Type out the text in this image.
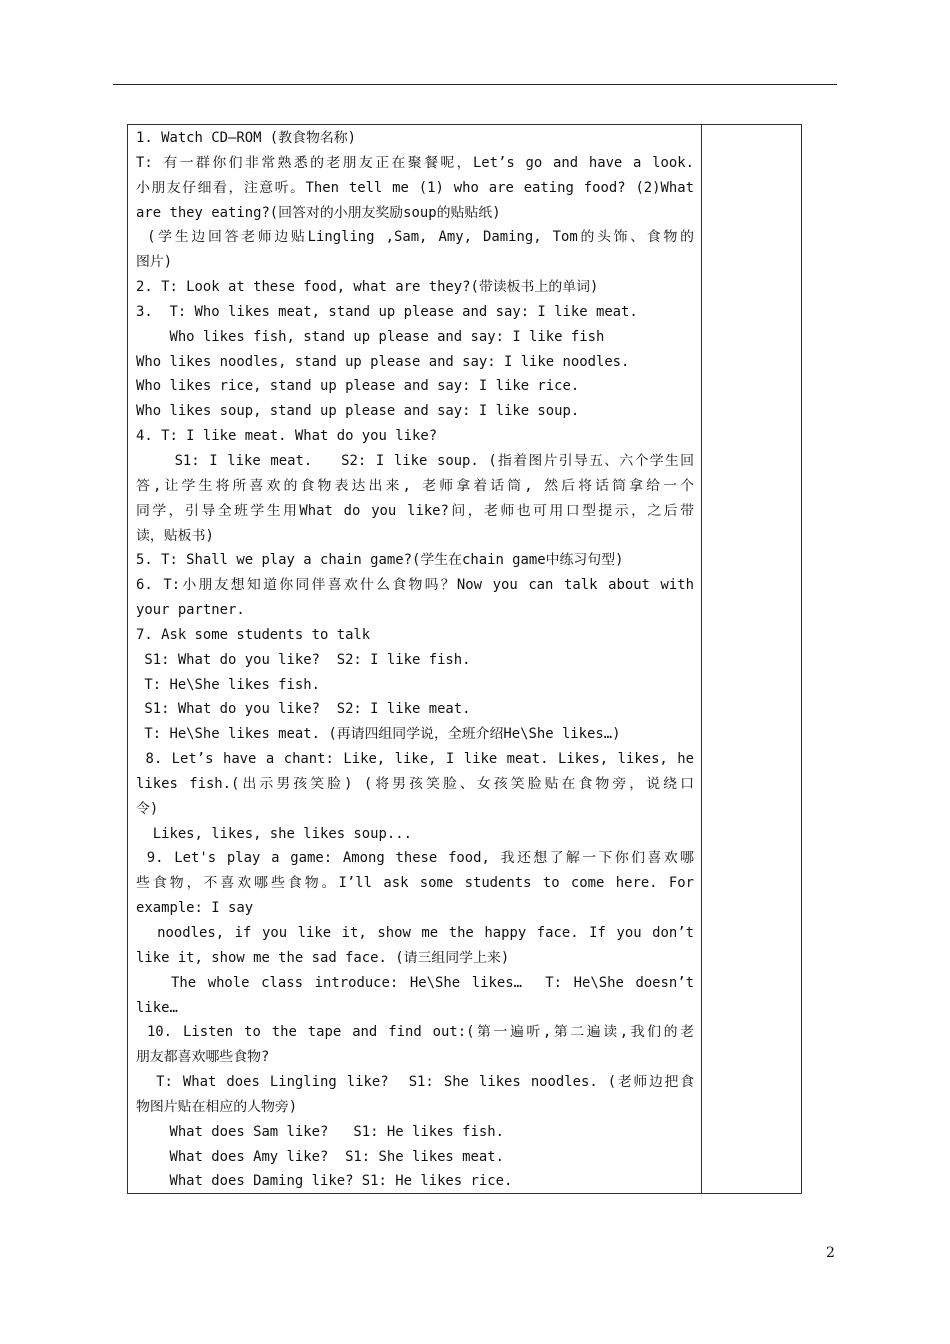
1. Watch CD—ROM (教食物名称)
T: 有一群你们非常熟悉的老朋友正在聚餐呢，Let’s go and have a look.
小朋友仔细看，注意听。Then tell me (1) who are eating food? (2)What
are they eating?(回答对的小朋友奖励soup的贴贴纸)
(学生边回答老师边贴Lingling ,Sam, Amy, Daming, Tom的头饰、食物的
图片)
2. T: Look at these food, what are they?(带读板书上的单词)
3.  T: Who likes meat, stand up please and say: I like meat.
Who likes fish, stand up please and say: I like fish
Who likes noodles, stand up please and say: I like noodles.
Who likes rice, stand up please and say: I like rice.
Who likes soup, stand up please and say: I like soup.
4. T: I like meat. What do you like?
S1: I like meat.   S2: I like soup. (指着图片引导五、六个学生回
答,让学生将所喜欢的食物表达出来, 老师拿着话筒, 然后将话筒拿给一个
同学，引导全班学生用What do you like?问，老师也可用口型提示，之后带
读，贴板书)
5. T: Shall we play a chain game?(学生在chain game中练习句型)
6. T:小朋友想知道你同伴喜欢什么食物吗？Now you can talk about with
your partner.
7. Ask some students to talk
S1: What do you like?  S2: I like fish.
T: He\She likes fish.
S1: What do you like?  S2: I like meat.
T: He\She likes meat. (再请四组同学说，全班介绍He\She likes…)
8. Let’s have a chant: Like, like, I like meat. Likes, likes, he
likes fish.(出示男孩笑脸) (将男孩笑脸、女孩笑脸贴在食物旁，说绕口
令)
Likes, likes, she likes soup...
9. Let's play a game: Among these food, 我还想了解一下你们喜欢哪
些食物，不喜欢哪些食物。I’ll ask some students to come here. For
example: I say
noodles, if you like it, show me the happy face. If you don’t
like it, show me the sad face. (请三组同学上来)
The whole class introduce: He\She likes…  T: He\She doesn’t
like…
10. Listen to the tape and find out:(第一遍听,第二遍读,我们的老
朋友都喜欢哪些食物?
T: What does Lingling like?  S1: She likes noodles. (老师边把食
物图片贴在相应的人物旁)
What does Sam like?   S1: He likes fish.
What does Amy like?  S1: She likes meat.
What does Daming like? S1: He likes rice.
2
